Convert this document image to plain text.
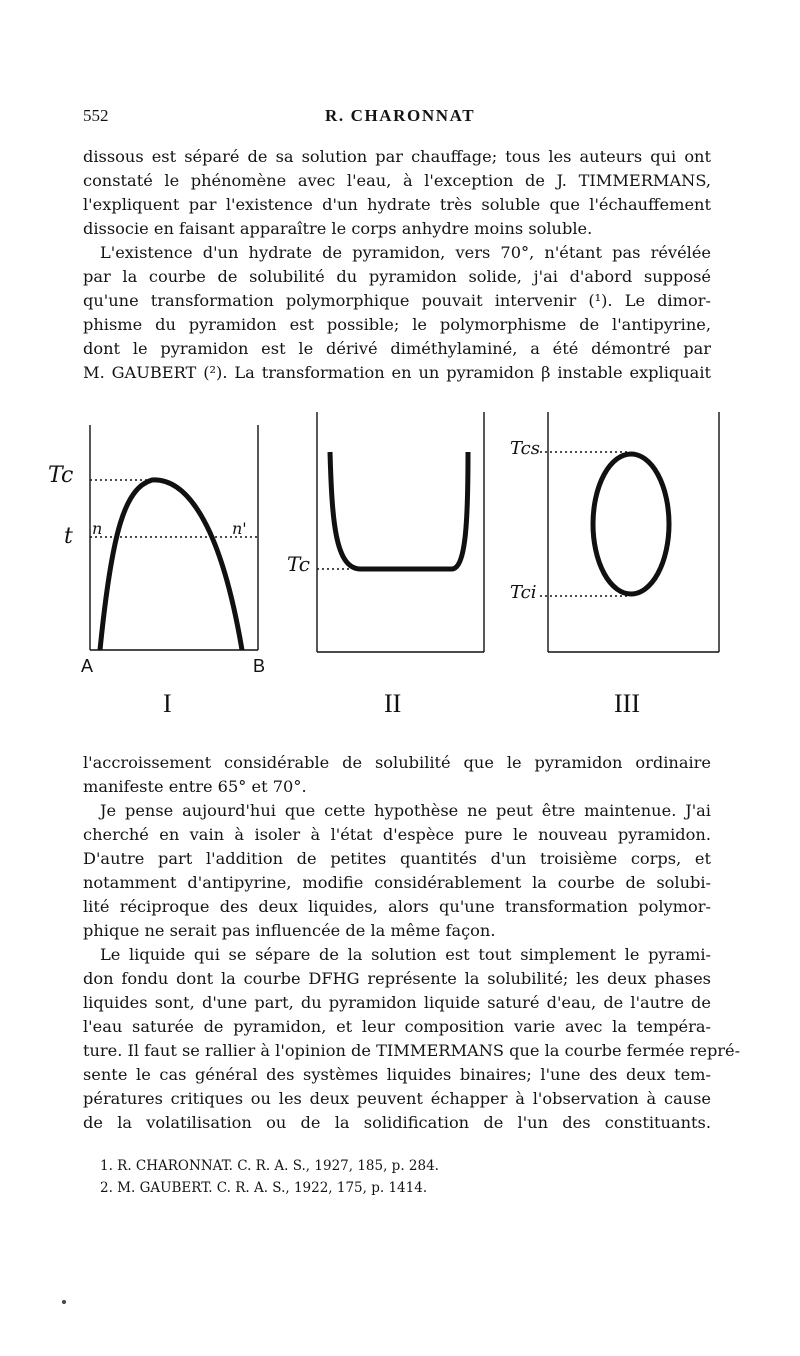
552	R. CHARONNAT
dissous est séparé de sa solution par chauffage; tous les auteurs qui ont
constaté le phénomène avec l'eau, à l'exception de J. TIMMERMANS,
l'expliquent par l'existence d'un hydrate très soluble que l'échauffement
dissocie en faisant apparaître le corps anhydre moins soluble.
L'existence d'un hydrate de pyramidon, vers 70°, n'étant pas révélée
par la courbe de solubilité du pyramidon solide, j'ai d'abord supposé
qu'une transformation polymorphique pouvait intervenir (¹). Le dimor-
phisme du pyramidon est possible; le polymorphisme de l'antipyrine,
dont le pyramidon est le dérivé diméthylaminé, a été démontré par
M. GAUBERT (²). La transformation en un pyramidon β instable expliquait
Tc
t n	n'
A	B
I
Tc
II
Tcs
Tci
III
l'accroissement considérable de solubilité que le pyramidon ordinaire
manifeste entre 65° et 70°.
Je pense aujourd'hui que cette hypothèse ne peut être maintenue. J'ai
cherché en vain à isoler à l'état d'espèce pure le nouveau pyramidon.
D'autre part l'addition de petites quantités d'un troisième corps, et
notamment d'antipyrine, modifie considérablement la courbe de solubi-
lité réciproque des deux liquides, alors qu'une transformation polymor-
phique ne serait pas influencée de la même façon.
Le liquide qui se sépare de la solution est tout simplement le pyrami-
don fondu dont la courbe DFHG représente la solubilité; les deux phases
liquides sont, d'une part, du pyramidon liquide saturé d'eau, de l'autre de
l'eau saturée de pyramidon, et leur composition varie avec la tempéra-
ture. Il faut se rallier à l'opinion de TIMMERMANS que la courbe fermée repré-
sente le cas général des systèmes liquides binaires; l'une des deux tem-
pératures critiques ou les deux peuvent échapper à l'observation à cause
de la volatilisation ou de la solidification de l'un des constituants.
1. R. CHARONNAT. C. R. A. S., 1927, 185, p. 284.
2. M. GAUBERT. C. R. A. S., 1922, 175, p. 1414.
